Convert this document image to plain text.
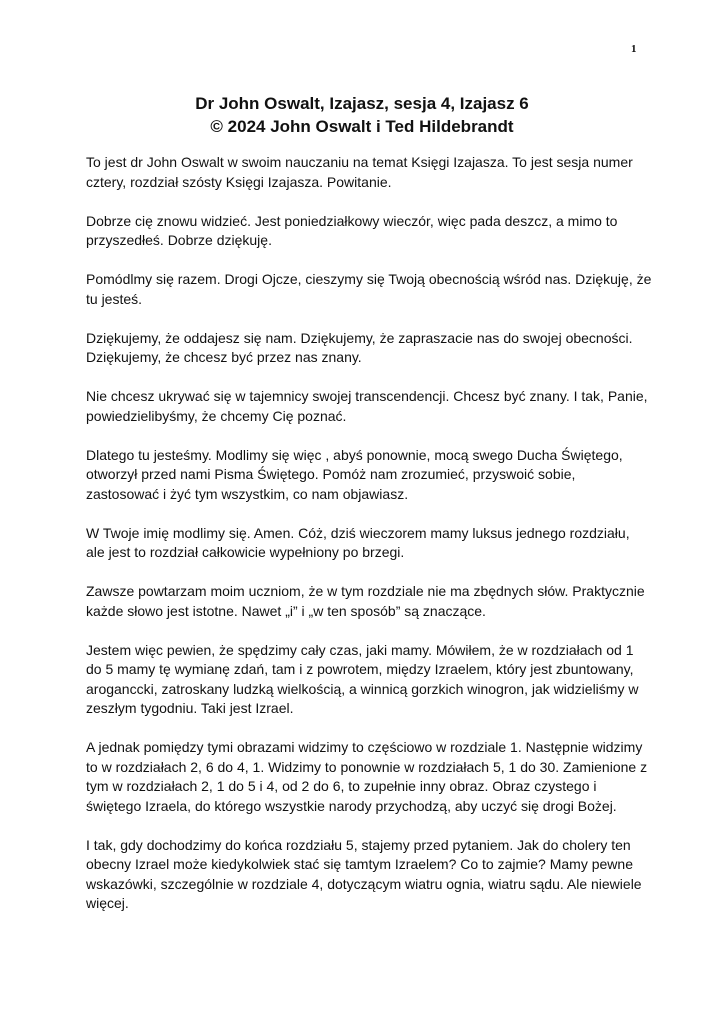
1
Dr John Oswalt, Izajasz, sesja 4, Izajasz 6
© 2024 John Oswalt i Ted Hildebrandt

To jest dr John Oswalt w swoim nauczaniu na temat Księgi Izajasza. To jest sesja numer cztery, rozdział szósty Księgi Izajasza. Powitanie.

Dobrze cię znowu widzieć. Jest poniedziałkowy wieczór, więc pada deszcz, a mimo to przyszedłeś. Dobrze dziękuję.

Pomódlmy się razem. Drogi Ojcze, cieszymy się Twoją obecnością wśród nas. Dziękuję, że tu jesteś.

Dziękujemy, że oddajesz się nam. Dziękujemy, że zapraszacie nas do swojej obecności. Dziękujemy, że chcesz być przez nas znany.

Nie chcesz ukrywać się w tajemnicy swojej transcendencji. Chcesz być znany. I tak, Panie, powiedzielibyśmy, że chcemy Cię poznać.

Dlatego tu jesteśmy. Modlimy się więc , abyś ponownie, mocą swego Ducha Świętego, otworzył przed nami Pisma Świętego. Pomóż nam zrozumieć, przyswoić sobie, zastosować i żyć tym wszystkim, co nam objawiasz.

W Twoje imię modlimy się. Amen. Cóż, dziś wieczorem mamy luksus jednego rozdziału, ale jest to rozdział całkowicie wypełniony po brzegi.

Zawsze powtarzam moim uczniom, że w tym rozdziale nie ma zbędnych słów. Praktycznie każde słowo jest istotne. Nawet „i” i „w ten sposób” są znaczące.

Jestem więc pewien, że spędzimy cały czas, jaki mamy. Mówiłem, że w rozdziałach od 1 do 5 mamy tę wymianę zdań, tam i z powrotem, między Izraelem, który jest zbuntowany, aroganccki, zatroskany ludzką wielkością, a winnicą gorzkich winogron, jak widzieliśmy w zeszłym tygodniu. Taki jest Izrael.

A jednak pomiędzy tymi obrazami widzimy to częściowo w rozdziale 1. Następnie widzimy to w rozdziałach 2, 6 do 4, 1. Widzimy to ponownie w rozdziałach 5, 1 do 30. Zamienione z tym w rozdziałach 2, 1 do 5 i 4, od 2 do 6, to zupełnie inny obraz. Obraz czystego i świętego Izraela, do którego wszystkie narody przychodzą, aby uczyć się drogi Bożej.

I tak, gdy dochodzimy do końca rozdziału 5, stajemy przed pytaniem. Jak do cholery ten obecny Izrael może kiedykolwiek stać się tamtym Izraelem? Co to zajmie? Mamy pewne wskazówki, szczególnie w rozdziale 4, dotyczącym wiatru ognia, wiatru sądu. Ale niewiele więcej.
